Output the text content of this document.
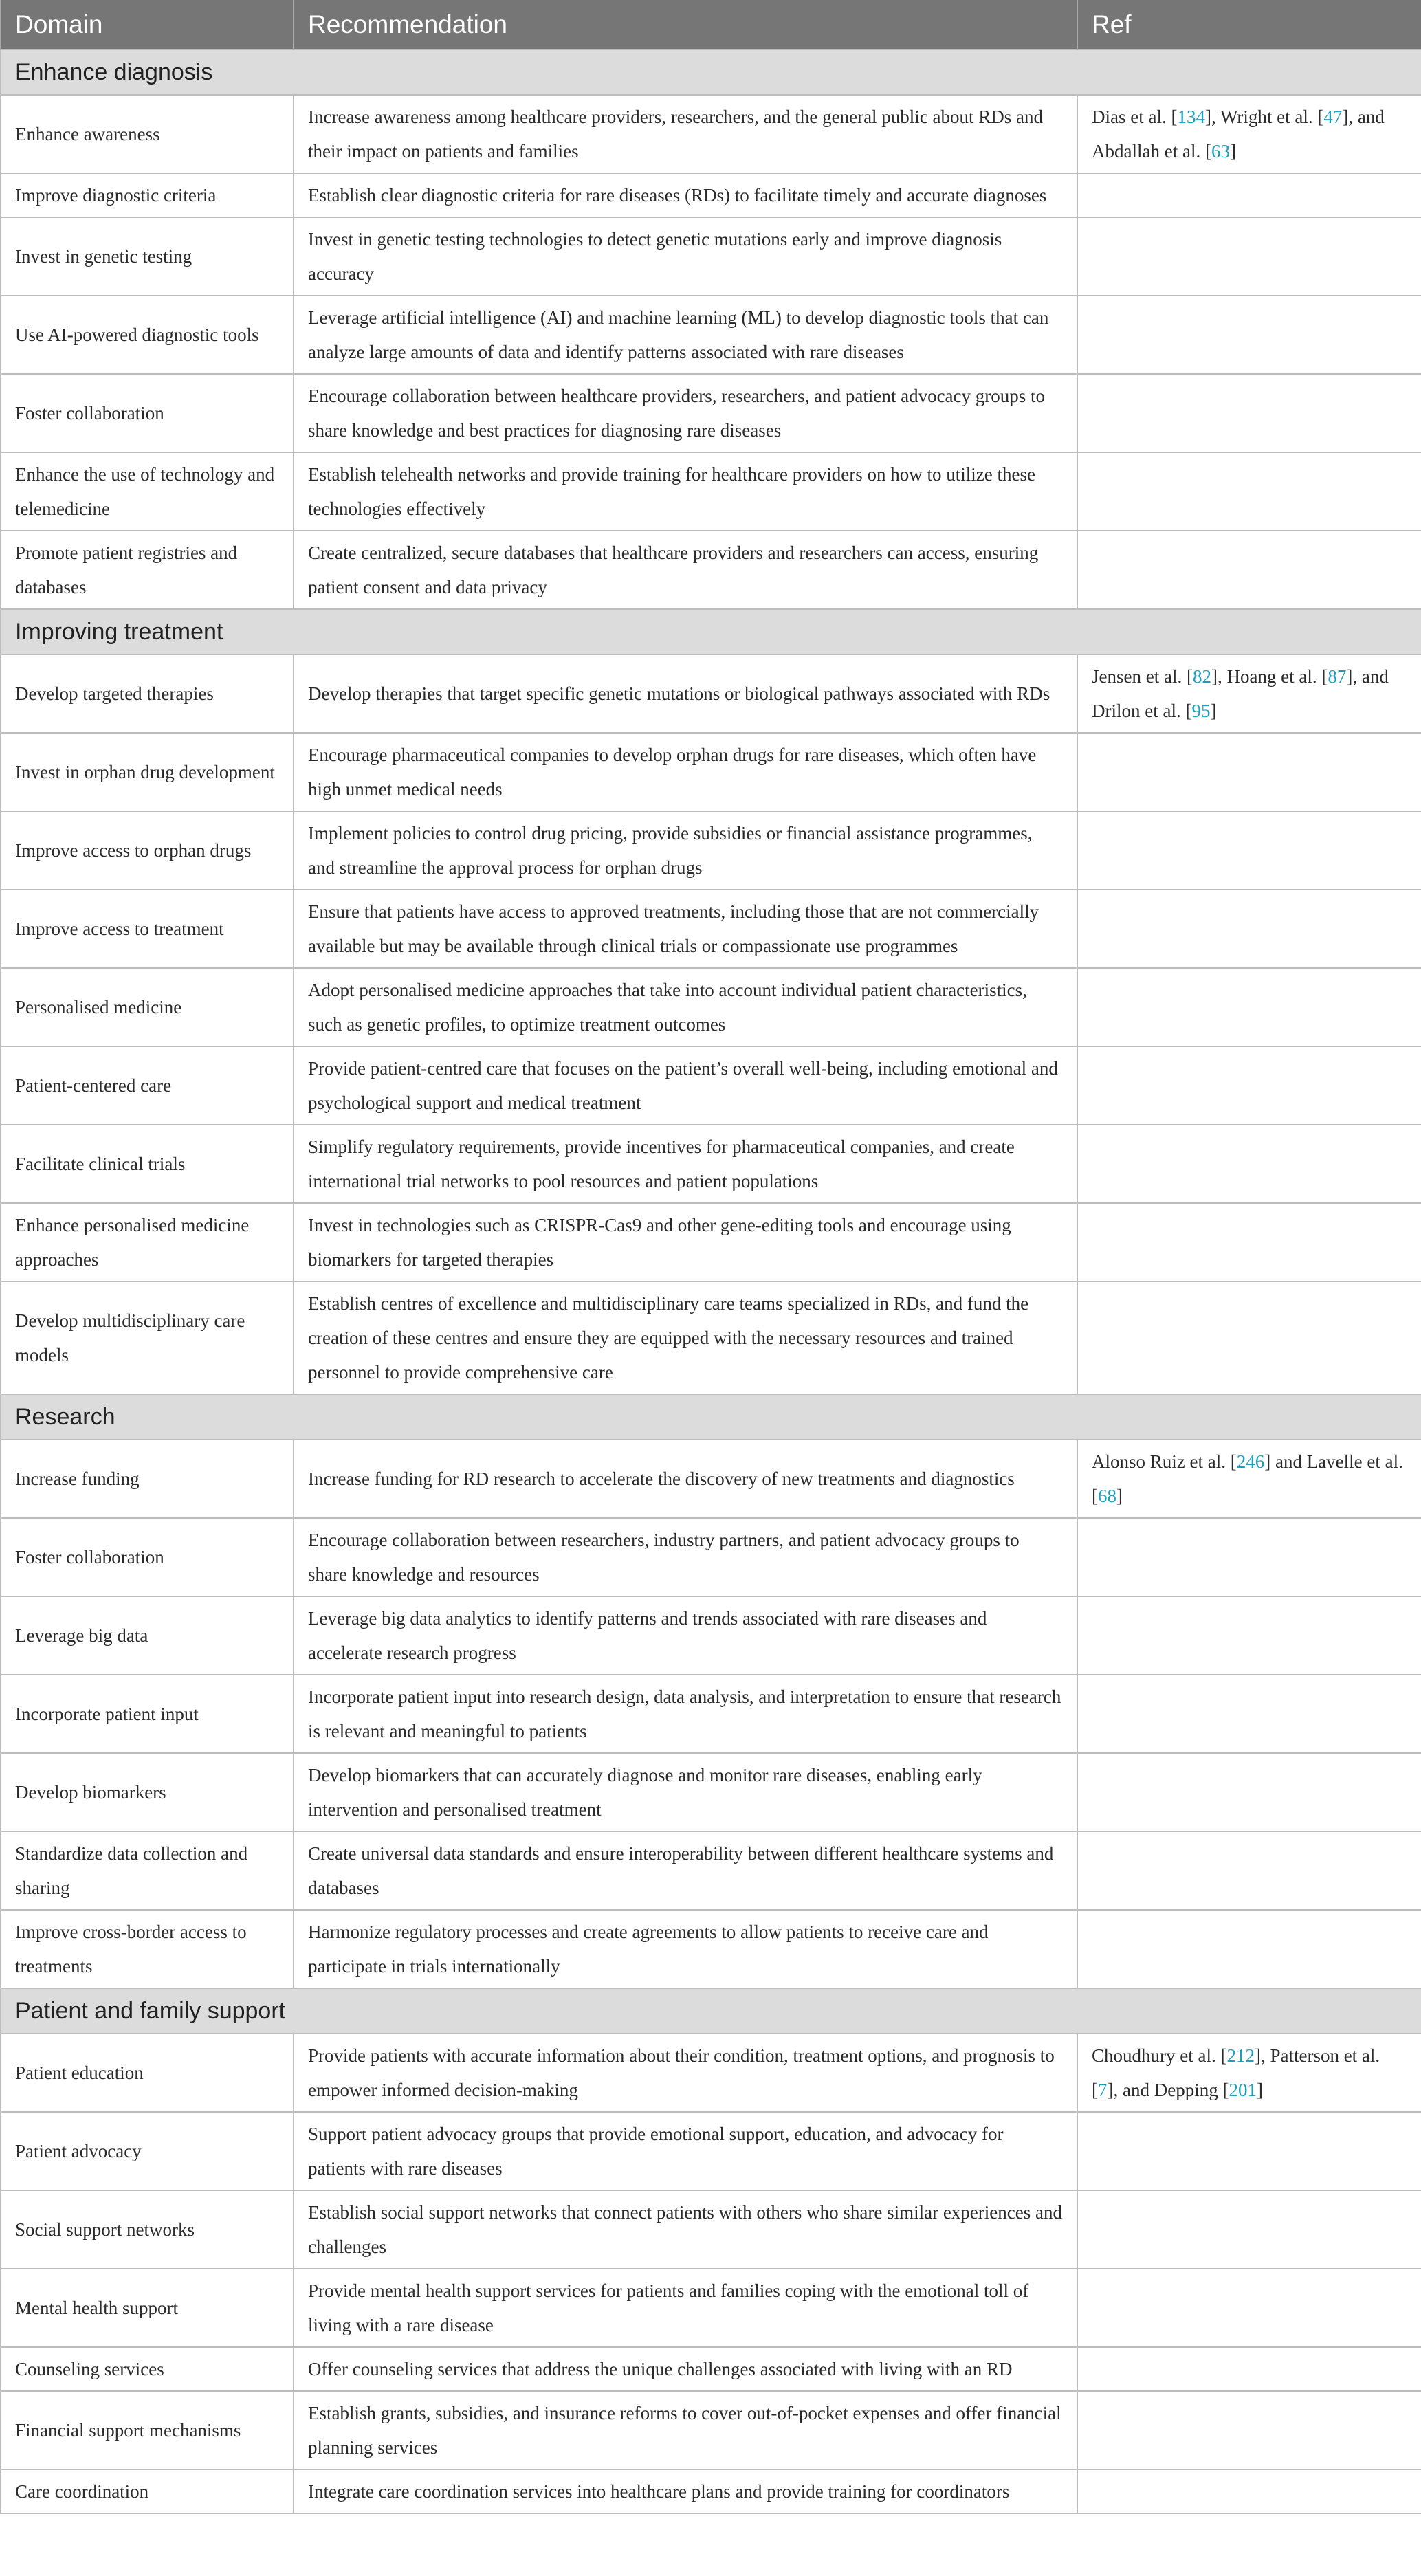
Domain	Recommendation	Ref
Enhance diagnosis		
Enhance awareness	Increase awareness among healthcare providers, researchers, and the general public about RDs and their impact on patients and families	Dias et al. [134], Wright et al. [47], and Abdallah et al. [63]
Improve diagnostic criteria	Establish clear diagnostic criteria for rare diseases (RDs) to facilitate timely and accurate diagnoses	
Invest in genetic testing	Invest in genetic testing technologies to detect genetic mutations early and improve diagnosis accuracy	
Use AI-powered diagnostic tools	Leverage artificial intelligence (AI) and machine learning (ML) to develop diagnostic tools that can analyze large amounts of data and identify patterns associated with rare diseases	
Foster collaboration	Encourage collaboration between healthcare providers, researchers, and patient advocacy groups to share knowledge and best practices for diagnosing rare diseases	
Enhance the use of technology and telemedicine	Establish telehealth networks and provide training for healthcare providers on how to utilize these technologies effectively	
Promote patient registries and databases	Create centralized, secure databases that healthcare providers and researchers can access, ensuring patient consent and data privacy	
Improving treatment		
Develop targeted therapies	Develop therapies that target specific genetic mutations or biological pathways associated with RDs	Jensen et al. [82], Hoang et al. [87], and Drilon et al. [95]
Invest in orphan drug development	Encourage pharmaceutical companies to develop orphan drugs for rare diseases, which often have high unmet medical needs	
Improve access to orphan drugs	Implement policies to control drug pricing, provide subsidies or financial assistance programmes, and streamline the approval process for orphan drugs	
Improve access to treatment	Ensure that patients have access to approved treatments, including those that are not commercially available but may be available through clinical trials or compassionate use programmes	
Personalised medicine	Adopt personalised medicine approaches that take into account individual patient characteristics, such as genetic profiles, to optimize treatment outcomes	
Patient-centered care	Provide patient-centred care that focuses on the patient’s overall well-being, including emotional and psychological support and medical treatment	
Facilitate clinical trials	Simplify regulatory requirements, provide incentives for pharmaceutical companies, and create international trial networks to pool resources and patient populations	
Enhance personalised medicine approaches	Invest in technologies such as CRISPR-Cas9 and other gene-editing tools and encourage using biomarkers for targeted therapies	
Develop multidisciplinary care models	Establish centres of excellence and multidisciplinary care teams specialized in RDs, and fund the creation of these centres and ensure they are equipped with the necessary resources and trained personnel to provide comprehensive care	
Research		
Increase funding	Increase funding for RD research to accelerate the discovery of new treatments and diagnostics	Alonso Ruiz et al. [246] and Lavelle et al. [68]
Foster collaboration	Encourage collaboration between researchers, industry partners, and patient advocacy groups to share knowledge and resources	
Leverage big data	Leverage big data analytics to identify patterns and trends associated with rare diseases and accelerate research progress	
Incorporate patient input	Incorporate patient input into research design, data analysis, and interpretation to ensure that research is relevant and meaningful to patients	
Develop biomarkers	Develop biomarkers that can accurately diagnose and monitor rare diseases, enabling early intervention and personalised treatment	
Standardize data collection and sharing	Create universal data standards and ensure interoperability between different healthcare systems and databases	
Improve cross-border access to treatments	Harmonize regulatory processes and create agreements to allow patients to receive care and participate in trials internationally	
Patient and family support		
Patient education	Provide patients with accurate information about their condition, treatment options, and prognosis to empower informed decision-making	Choudhury et al. [212], Patterson et al. [7], and Depping [201]
Patient advocacy	Support patient advocacy groups that provide emotional support, education, and advocacy for patients with rare diseases	
Social support networks	Establish social support networks that connect patients with others who share similar experiences and challenges	
Mental health support	Provide mental health support services for patients and families coping with the emotional toll of living with a rare disease	
Counseling services	Offer counseling services that address the unique challenges associated with living with an RD	
Financial support mechanisms	Establish grants, subsidies, and insurance reforms to cover out-of-pocket expenses and offer financial planning services	
Care coordination	Integrate care coordination services into healthcare plans and provide training for coordinators	
